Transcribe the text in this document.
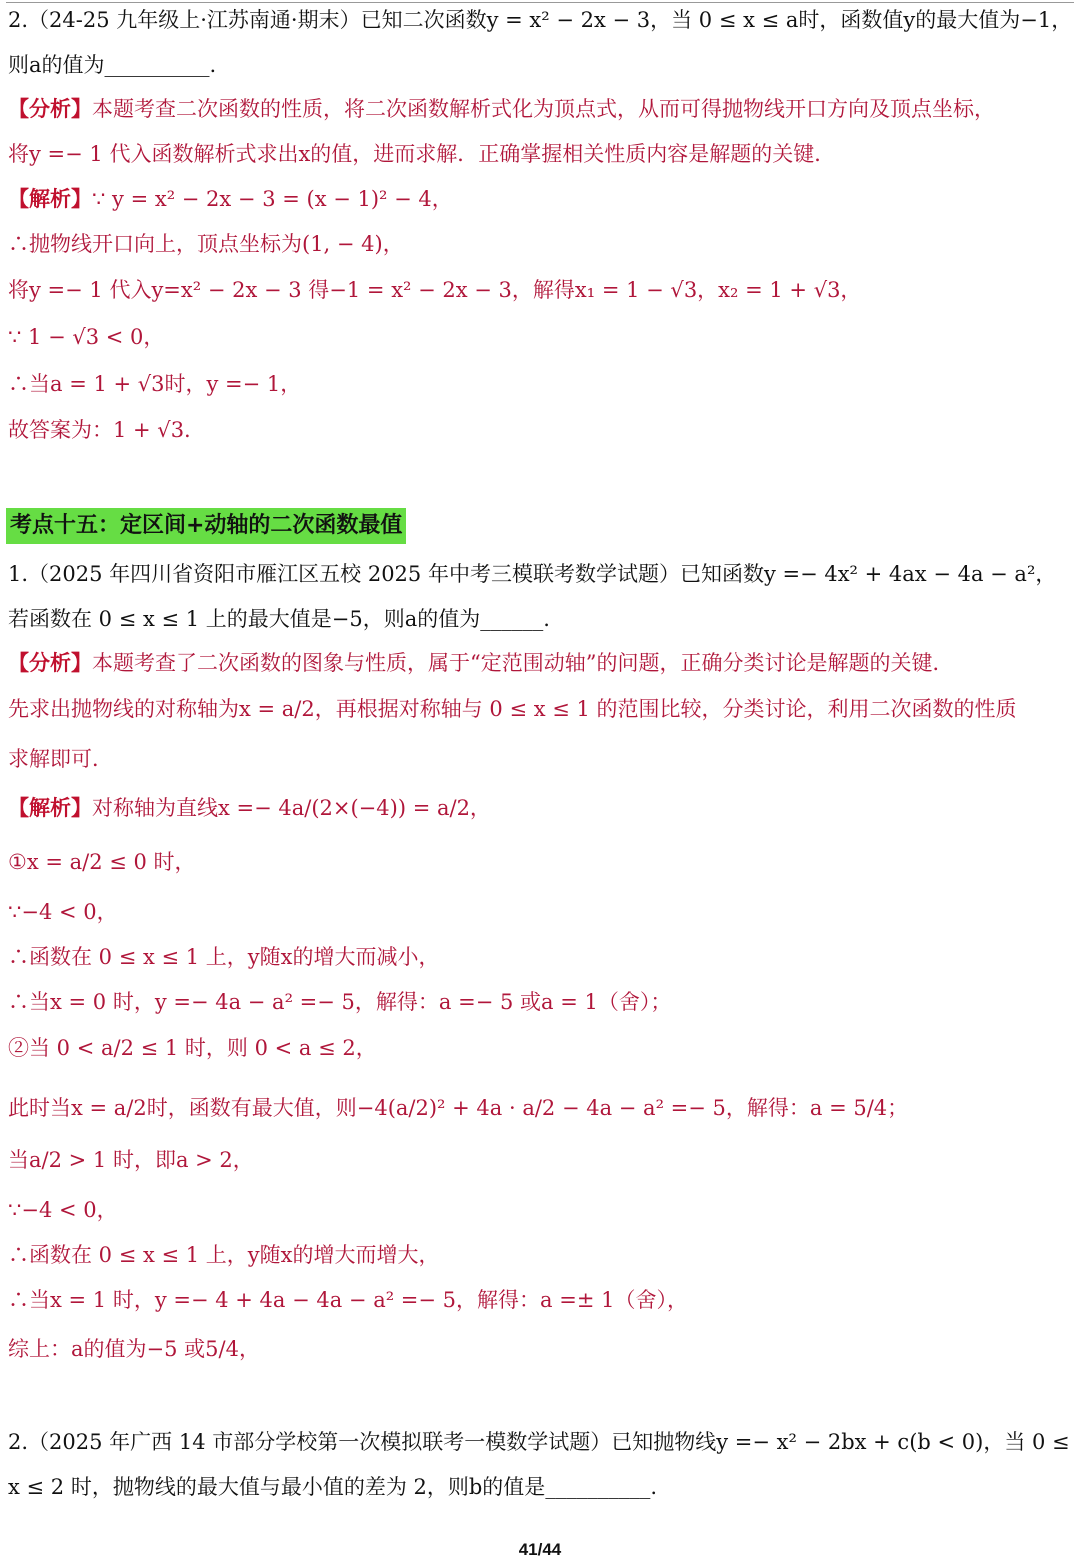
2.（24-25 九年级上·江苏南通·期末）已知二次函数y = x² − 2x − 3，当 0 ≤ x ≤ a时，函数值y的最大值为−1，
则a的值为__________.
【分析】本题考查二次函数的性质，将二次函数解析式化为顶点式，从而可得抛物线开口方向及顶点坐标，
将y =− 1 代入函数解析式求出x的值，进而求解．正确掌握相关性质内容是解题的关键．
【解析】∵ y = x² − 2x − 3 = (x − 1)² − 4，
∴抛物线开口向上，顶点坐标为(1, − 4)，
将y =− 1 代入y=x² − 2x − 3 得−1 = x² − 2x − 3，解得x₁ = 1 − √3，x₂ = 1 + √3，
∵ 1 − √3 < 0，
∴当a = 1 + √3时，y =− 1，
故答案为：1 + √3.
1.（2025 年四川省资阳市雁江区五校 2025 年中考三模联考数学试题）已知函数y =− 4x² + 4ax − 4a − a²，
若函数在 0 ≤ x ≤ 1 上的最大值是−5，则a的值为______.
【分析】本题考查了二次函数的图象与性质，属于“定范围动轴”的问题，正确分类讨论是解题的关键．
先求出抛物线的对称轴为x = a/2，再根据对称轴与 0 ≤ x ≤ 1 的范围比较，分类讨论，利用二次函数的性质
求解即可．
【解析】对称轴为直线x =− 4a/(2×(−4)) = a/2，
①x = a/2 ≤ 0 时，
∵−4 < 0，
∴函数在 0 ≤ x ≤ 1 上，y随x的增大而减小，
∴当x = 0 时，y =− 4a − a² =− 5，解得：a =− 5 或a = 1（舍）；
②当 0 < a/2 ≤ 1 时，则 0 < a ≤ 2，
此时当x = a/2时，函数有最大值，则−4(a/2)² + 4a · a/2 − 4a − a² =− 5，解得：a = 5/4；
当a/2 > 1 时，即a > 2，
∵−4 < 0，
∴函数在 0 ≤ x ≤ 1 上，y随x的增大而增大，
∴当x = 1 时，y =− 4 + 4a − 4a − a² =− 5，解得：a =± 1（舍），
综上：a的值为−5 或5/4，
2.（2025 年广西 14 市部分学校第一次模拟联考一模数学试题）已知抛物线y =− x² − 2bx + c(b < 0)，当 0 ≤
x ≤ 2 时，抛物线的最大值与最小值的差为 2，则b的值是__________.
考点十五：定区间+动轴的二次函数最值
41/44
